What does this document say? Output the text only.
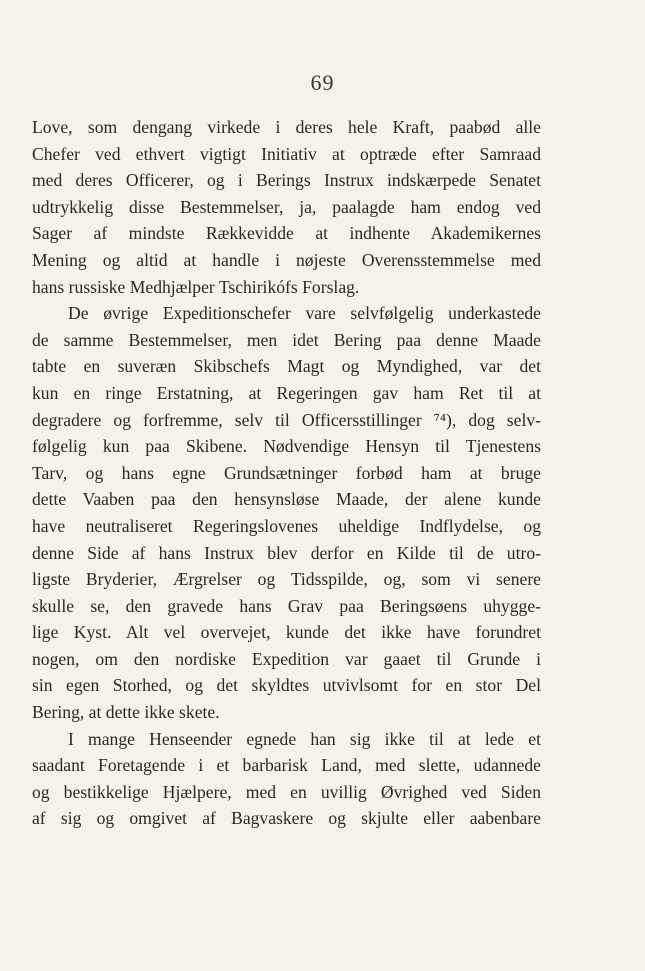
69
Love, som dengang virkede i deres hele Kraft, paabød alle
Chefer ved ethvert vigtigt Initiativ at optræde efter Samraad
med deres Officerer, og i Berings Instrux indskærpede Senatet
udtrykkelig disse Bestemmelser, ja, paalagde ham endog ved
Sager af mindste Rækkevidde at indhente Akademikernes
Mening og altid at handle i nøjeste Overensstemmelse med
hans russiske Medhjælper Tschirikófs Forslag.
De øvrige Expeditionschefer vare selvfølgelig underkastede
de samme Bestemmelser, men idet Bering paa denne Maade
tabte en suveræn Skibschefs Magt og Myndighed, var det
kun en ringe Erstatning, at Regeringen gav ham Ret til at
degradere og forfremme, selv til Officersstillinger ⁷⁴), dog selv-
følgelig kun paa Skibene. Nødvendige Hensyn til Tjenestens
Tarv, og hans egne Grundsætninger forbød ham at bruge
dette Vaaben paa den hensynsløse Maade, der alene kunde
have neutraliseret Regeringslovenes uheldige Indflydelse, og
denne Side af hans Instrux blev derfor en Kilde til de utro-
ligste Bryderier, Ærgrelser og Tidsspilde, og, som vi senere
skulle se, den gravede hans Grav paa Beringsøens uhygge-
lige Kyst. Alt vel overvejet, kunde det ikke have forundret
nogen, om den nordiske Expedition var gaaet til Grunde i
sin egen Storhed, og det skyldtes utvivlsomt for en stor Del
Bering, at dette ikke skete.
I mange Henseender egnede han sig ikke til at lede et
saadant Foretagende i et barbarisk Land, med slette, udannede
og bestikkelige Hjælpere, med en uvillig Øvrighed ved Siden
af sig og omgivet af Bagvaskere og skjulte eller aabenbare
